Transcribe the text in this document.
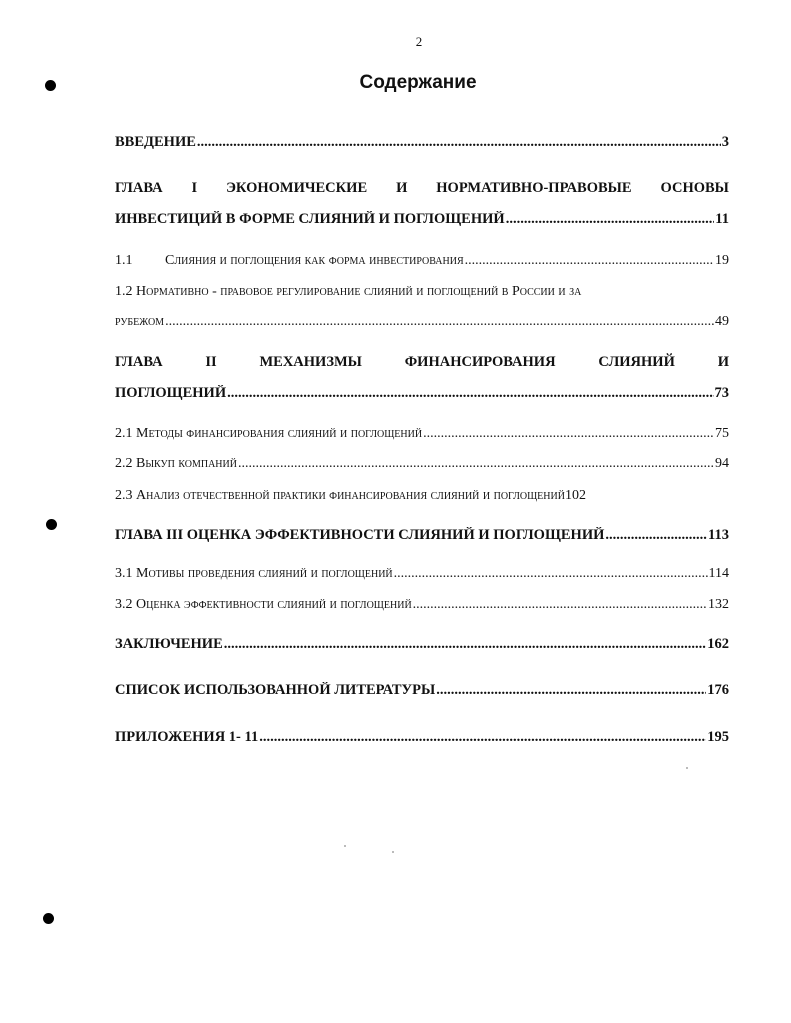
2
Содержание
ВВЕДЕНИЕ .....	3
ГЛАВА I ЭКОНОМИЧЕСКИЕ И НОРМАТИВНО-ПРАВОВЫЕ ОСНОВЫ
ИНВЕСТИЦИЙ В ФОРМЕ СЛИЯНИЙ И ПОГЛОЩЕНИЙ .....	11
1.1 Слияния и поглощения как форма инвестирования .....	19
1.2 Нормативно - правовое регулирование слияний и поглощений в России и за
рубежом .....	49
ГЛАВА	II	МЕХАНИЗМЫ	ФИНАНСИРОВАНИЯ	СЛИЯНИЙ	И
ПОГЛОЩЕНИЙ .....	73
2.1 Методы финансирования слияний и поглощений .....	75
2.2 Выкуп компаний .....	94
2.3 Анализ отечественной практики финансирования слияний и поглощений 102
ГЛАВА III ОЦЕНКА ЭФФЕКТИВНОСТИ СЛИЯНИЙ И ПОГЛОЩЕНИЙ .....	113
3.1 Мотивы проведения слияний и поглощений .....	114
3.2 Оценка эффективности слияний и поглощений .....	132
ЗАКЛЮЧЕНИЕ .....	162
СПИСОК ИСПОЛЬЗОВАННОЙ ЛИТЕРАТУРЫ .....	176
ПРИЛОЖЕНИЯ 1- 11 .....	195
